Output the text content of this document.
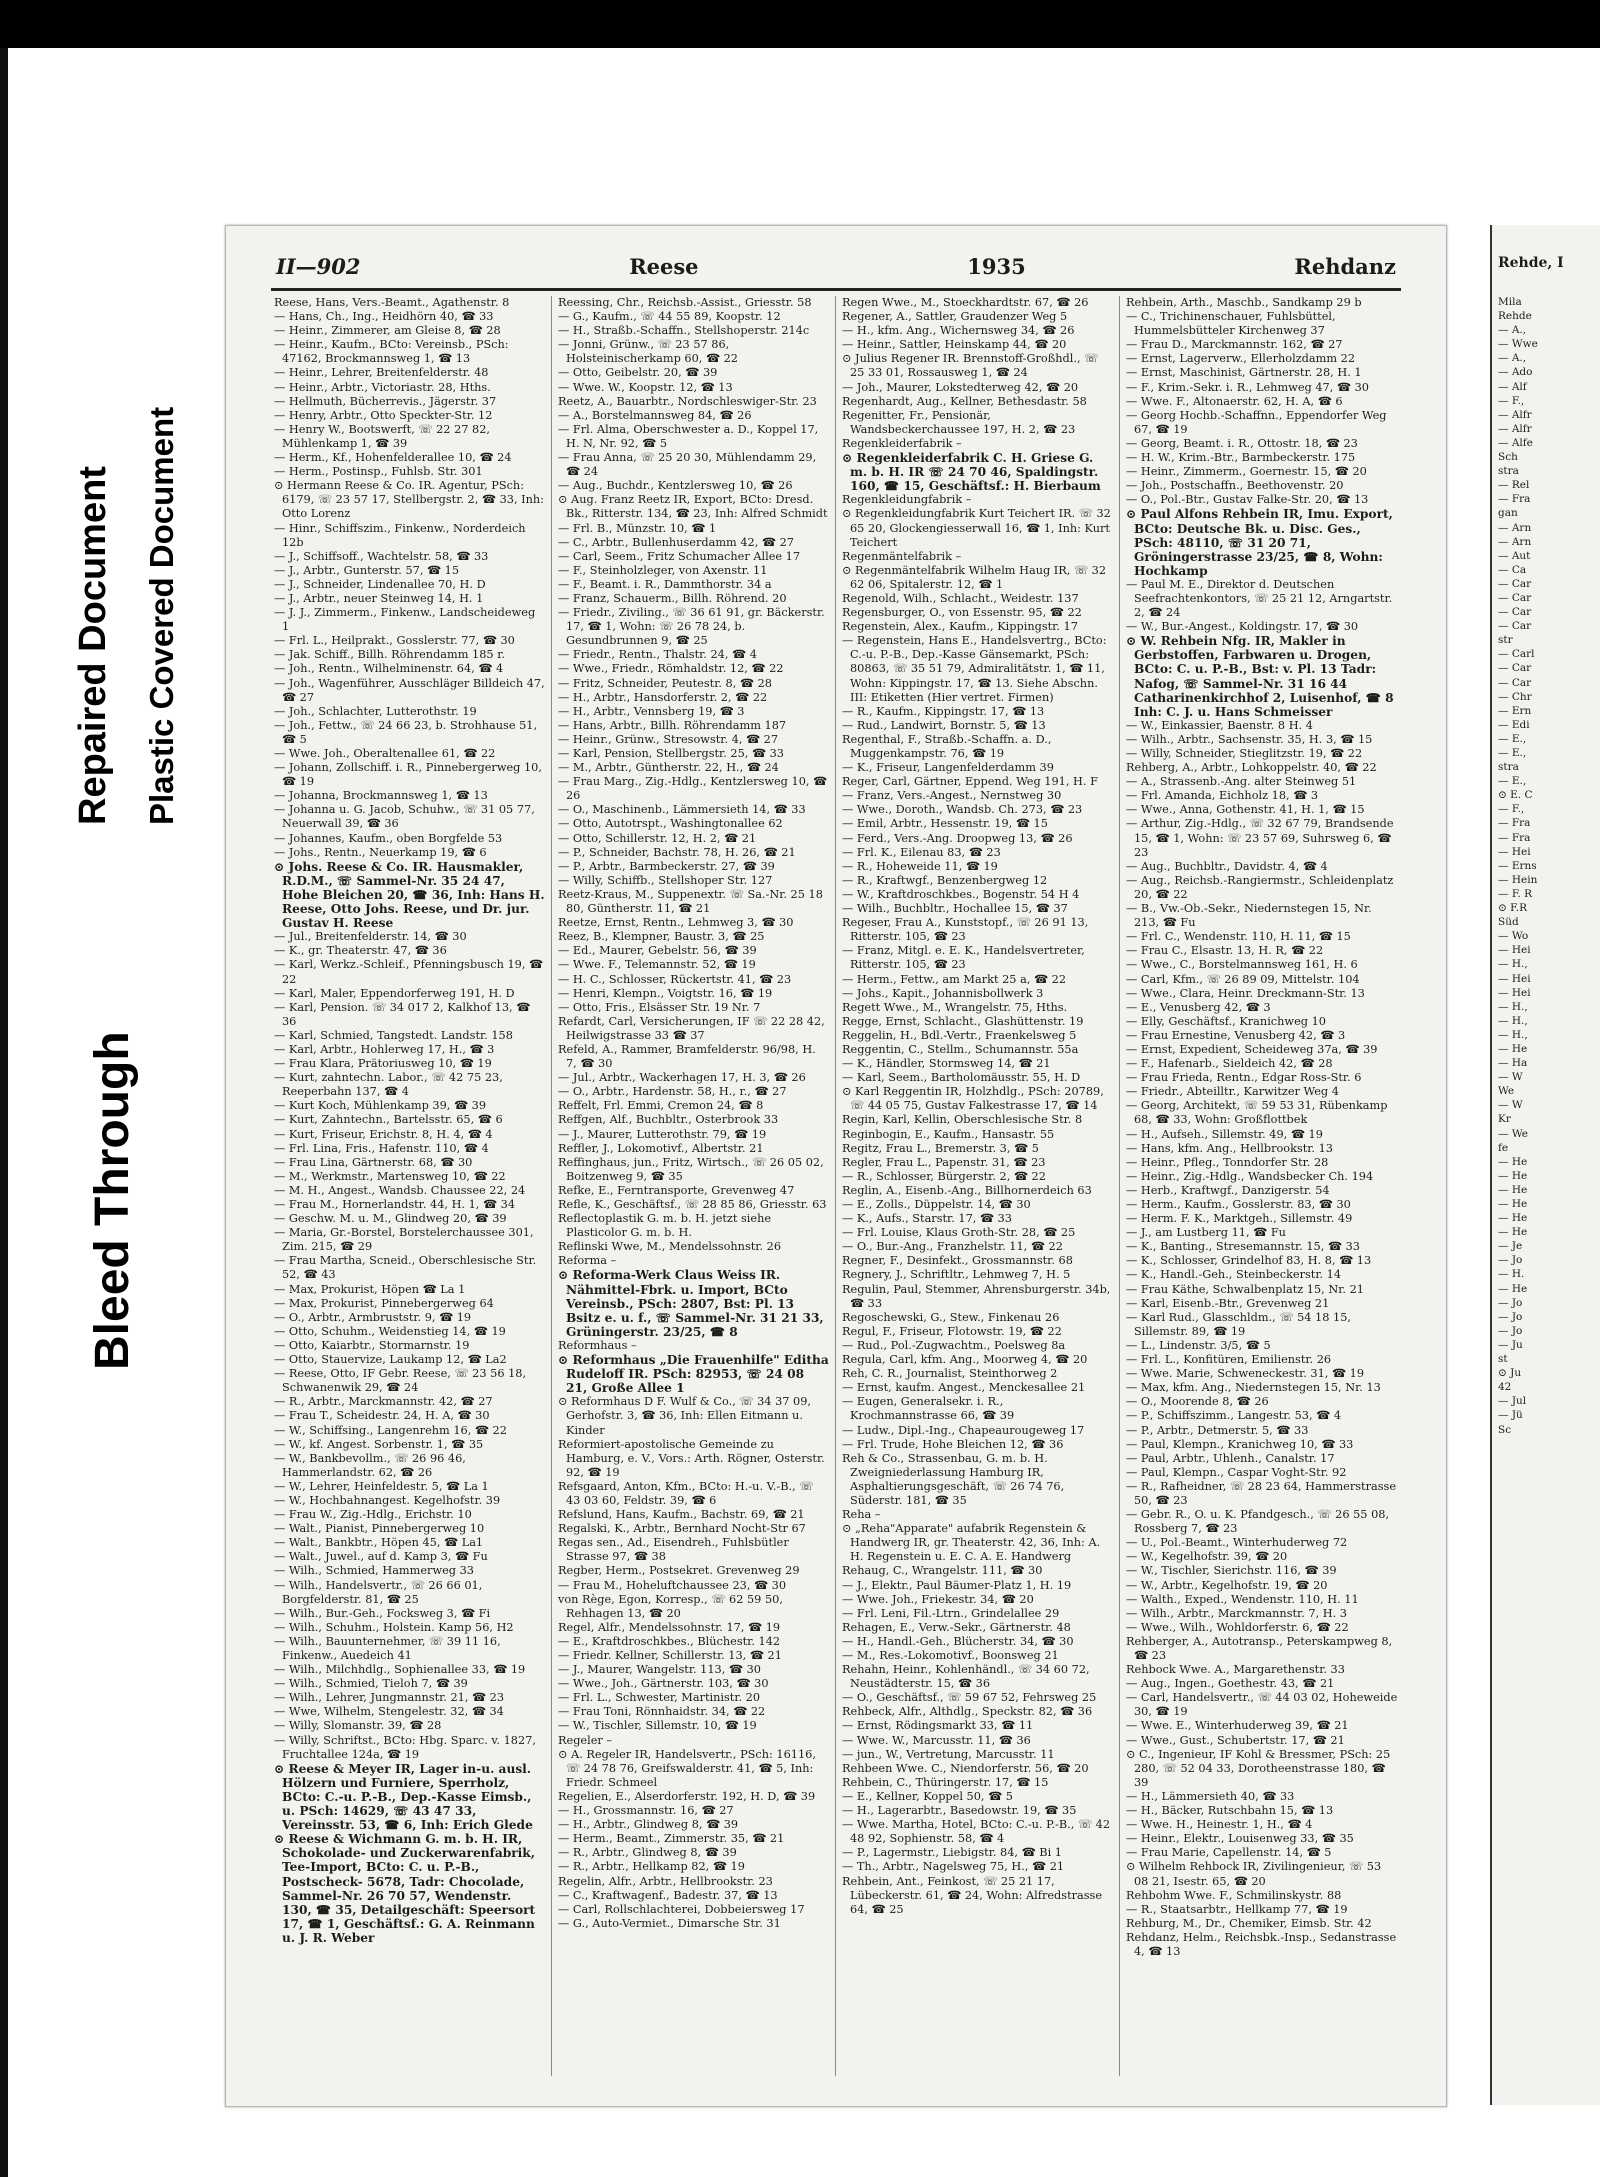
Bleed Through
Repaired Document Plastic Covered Document
II—902	Reese	1935	Rehdanz

Reese, Hans, Vers.-Beamt., Agathenstr. 8

— Hans, Ch., Ing., Heidhörn 40, ☎ 33

— Heinr., Zimmerer, am Gleise 8, ☎ 28

— Heinr., Kaufm., BCto: Vereinsb., PSch: 47162, Brockmannsweg 1, ☎ 13

— Heinr., Lehrer, Breitenfelderstr. 48

— Heinr., Arbtr., Victoriastr. 28, Hths.

— Hellmuth, Bücherrevis., Jägerstr. 37

— Henry, Arbtr., Otto Speckter-Str. 12

— Henry W., Bootswerft, ☏ 22 27 82, Mühlenkamp 1, ☎ 39

— Herm., Kf., Hohenfelderallee 10, ☎ 24

— Herm., Postinsp., Fuhlsb. Str. 301

⊙ Hermann Reese & Co. IR. Agentur, PSch: 6179, ☏ 23 57 17, Stellbergstr. 2, ☎ 33, Inh: Otto Lorenz

— Hinr., Schiffszim., Finkenw., Norderdeich 12b

— J., Schiffsoff., Wachtelstr. 58, ☎ 33

— J., Arbtr., Gunterstr. 57, ☎ 15

— J., Schneider, Lindenallee 70, H. D

— J., Arbtr., neuer Steinweg 14, H. 1

— J. J., Zimmerm., Finkenw., Landscheideweg 1

— Frl. L., Heilprakt., Gosslerstr. 77, ☎ 30

— Jak. Schiff., Billh. Röhrendamm 185 r.

— Joh., Rentn., Wilhelminenstr. 64, ☎ 4

— Joh., Wagenführer, Ausschläger Billdeich 47, ☎ 27

— Joh., Schlachter, Lutterothstr. 19

— Joh., Fettw., ☏ 24 66 23, b. Strohhause 51, ☎ 5

— Wwe. Joh., Oberaltenallee 61, ☎ 22

— Johann, Zollschiff. i. R., Pinnebergerweg 10, ☎ 19

— Johanna, Brockmannsweg 1, ☎ 13

— Johanna u. G. Jacob, Schuhw., ☏ 31 05 77, Neuerwall 39, ☎ 36

— Johannes, Kaufm., oben Borgfelde 53

— Johs., Rentn., Neuerkamp 19, ☎ 6

⊙ Johs. Reese & Co. IR. Hausmakler, R.D.M., ☏ Sammel-Nr. 35 24 47, Hohe Bleichen 20, ☎ 36, Inh: Hans H. Reese, Otto Johs. Reese, und Dr. jur. Gustav H. Reese

— Jul., Breitenfelderstr. 14, ☎ 30

— K., gr. Theaterstr. 47, ☎ 36

— Karl, Werkz.-Schleif., Pfenningsbusch 19, ☎ 22

— Karl, Maler, Eppendorferweg 191, H. D

— Karl, Pension. ☏ 34 017 2, Kalkhof 13, ☎ 36

— Karl, Schmied, Tangstedt. Landstr. 158

— Karl, Arbtr., Hohlerweg 17, H., ☎ 3

— Frau Klara, Prätoriusweg 10, ☎ 19

— Kurt, zahntechn. Labor., ☏ 42 75 23, Reeperbahn 137, ☎ 4

— Kurt Koch, Mühlenkamp 39, ☎ 39

— Kurt, Zahntechn., Bartelsstr. 65, ☎ 6

— Kurt, Friseur, Erichstr. 8, H. 4, ☎ 4

— Frl. Lina, Fris., Hafenstr. 110, ☎ 4

— Frau Lina, Gärtnerstr. 68, ☎ 30

— M., Werkmstr., Martensweg 10, ☎ 22

— M. H., Angest., Wandsb. Chaussee 22, 24

— Frau M., Hornerlandstr. 44, H. 1, ☎ 34

— Geschw. M. u. M., Glindweg 20, ☎ 39

— Maria, Gr.-Borstel, Borstelerchaussee 301, Zim. 215, ☎ 29

— Frau Martha, Scneid., Oberschlesische Str. 52, ☎ 43

— Max, Prokurist, Höpen ☎ La 1

— Max, Prokurist, Pinnebergerweg 64

— O., Arbtr., Armbruststr. 9, ☎ 19

— Otto, Schuhm., Weidenstieg 14, ☎ 19

— Otto, Kaiarbtr., Stormarnstr. 19

— Otto, Stauervize, Laukamp 12, ☎ La2

— Reese, Otto, IF Gebr. Reese, ☏ 23 56 18, Schwanenwik 29, ☎ 24

— R., Arbtr., Marckmannstr. 42, ☎ 27

— Frau T., Scheidestr. 24, H. A, ☎ 30

— W., Schiffsing., Langenrehm 16, ☎ 22

— W., kf. Angest. Sorbenstr. 1, ☎ 35

— W., Bankbevollm., ☏ 26 96 46, Hammerlandstr. 62, ☎ 26

— W., Lehrer, Heinfeldestr. 5, ☎ La 1

— W., Hochbahnangest. Kegelhofstr. 39

— Frau W., Zig.-Hdlg., Erichstr. 10

— Walt., Pianist, Pinnebergerweg 10

— Walt., Bankbtr., Höpen 45, ☎ La1

— Walt., Juwel., auf d. Kamp 3, ☎ Fu

— Wilh., Schmied, Hammerweg 33

— Wilh., Handelsvertr., ☏ 26 66 01, Borgfelderstr. 81, ☎ 25

— Wilh., Bur.-Geh., Focksweg 3, ☎ Fi

— Wilh., Schuhm., Holstein. Kamp 56, H2

— Wilh., Bauunternehmer, ☏ 39 11 16, Finkenw., Auedeich 41

— Wilh., Milchhdlg., Sophienallee 33, ☎ 19

— Wilh., Schmied, Tieloh 7, ☎ 39

— Wilh., Lehrer, Jungmannstr. 21, ☎ 23

— Wwe, Wilhelm, Stengelestr. 32, ☎ 34

— Willy, Slomanstr. 39, ☎ 28

— Willy, Schriftst., BCto: Hbg. Sparc. v. 1827, Fruchtallee 124a, ☎ 19

⊙ Reese & Meyer IR, Lager in-u. ausl. Hölzern und Furniere, Sperrholz, BCto: C.-u. P.-B., Dep.-Kasse Eimsb., u. PSch: 14629, ☏ 43 47 33, Vereinsstr. 53, ☎ 6, Inh: Erich Glede

⊙ Reese & Wichmann G. m. b. H. IR, Schokolade- und Zuckerwarenfabrik, Tee-Import, BCto: C. u. P.-B., Postscheck- 5678, Tadr: Chocolade, Sammel-Nr. 26 70 57, Wendenstr. 130, ☎ 35, Detailgeschäft: Speersort 17, ☎ 1, Geschäftsf.: G. A. Reinmann u. J. R. Weber

Reessing, Chr., Reichsb.-Assist., Griesstr. 58

— G., Kaufm., ☏ 44 55 89, Koopstr. 12

— H., Straßb.-Schaffn., Stellshoperstr. 214c

— Jonni, Grünw., ☏ 23 57 86, Holsteinischerkamp 60, ☎ 22

— Otto, Geibelstr. 20, ☎ 39

— Wwe. W., Koopstr. 12, ☎ 13

Reetz, A., Bauarbtr., Nordschleswiger-Str. 23

— A., Borstelmannsweg 84, ☎ 26

— Frl. Alma, Oberschwester a. D., Koppel 17, H. N, Nr. 92, ☎ 5

— Frau Anna, ☏ 25 20 30, Mühlendamm 29, ☎ 24

— Aug., Buchdr., Kentzlersweg 10, ☎ 26

⊙ Aug. Franz Reetz IR, Export, BCto: Dresd. Bk., Ritterstr. 134, ☎ 23, Inh: Alfred Schmidt

— Frl. B., Münzstr. 10, ☎ 1

— C., Arbtr., Bullenhuserdamm 42, ☎ 27

— Carl, Seem., Fritz Schumacher Allee 17

— F., Steinholzleger, von Axenstr. 11

— F., Beamt. i. R., Dammthorstr. 34 a

— Franz, Schauerm., Billh. Röhrend. 20

— Friedr., Ziviling., ☏ 36 61 91, gr. Bäckerstr. 17, ☎ 1, Wohn: ☏ 26 78 24, b. Gesundbrunnen 9, ☎ 25

— Friedr., Rentn., Thalstr. 24, ☎ 4

— Wwe., Friedr., Römhaldstr. 12, ☎ 22

— Fritz, Schneider, Peutestr. 8, ☎ 28

— H., Arbtr., Hansdorferstr. 2, ☎ 22

— H., Arbtr., Vennsberg 19, ☎ 3

— Hans, Arbtr., Billh. Röhrendamm 187

— Heinr., Grünw., Stresowstr. 4, ☎ 27

— Karl, Pension, Stellbergstr. 25, ☎ 33

— M., Arbtr., Güntherstr. 22, H., ☎ 24

— Frau Marg., Zig.-Hdlg., Kentzlersweg 10, ☎ 26

— O., Maschinenb., Lämmersieth 14, ☎ 33

— Otto, Autotrspt., Washingtonallee 62

— Otto, Schillerstr. 12, H. 2, ☎ 21

— P., Schneider, Bachstr. 78, H. 26, ☎ 21

— P., Arbtr., Barmbeckerstr. 27, ☎ 39

— Willy, Schiffb., Stellshoper Str. 127

Reetz-Kraus, M., Suppenextr. ☏ Sa.-Nr. 25 18 80, Güntherstr. 11, ☎ 21

Reetze, Ernst, Rentn., Lehmweg 3, ☎ 30

Reez, B., Klempner, Baustr. 3, ☎ 25

— Ed., Maurer, Gebelstr. 56, ☎ 39

— Wwe. F., Telemannstr. 52, ☎ 19

— H. C., Schlosser, Rückertstr. 41, ☎ 23

— Henri, Klempn., Voigtstr. 16, ☎ 19

— Otto, Fris., Elsässer Str. 19 Nr. 7

Refardt, Carl, Versicherungen, IF ☏ 22 28 42, Heilwigstrasse 33 ☎ 37

Refeld, A., Rammer, Bramfelderstr. 96/98, H. 7, ☎ 30

— Jul., Arbtr., Wackerhagen 17, H. 3, ☎ 26

— O., Arbtr., Hardenstr. 58, H., r., ☎ 27

Reffelt, Frl. Emmi, Cremon 24, ☎ 8

Reffgen, Alf., Buchbltr., Osterbrook 33

— J., Maurer, Lutterothstr. 79, ☎ 19

Reffler, J., Lokomotivf., Albertstr. 21

Reffinghaus, jun., Fritz, Wirtsch., ☏ 26 05 02, Boitzenweg 9, ☎ 35

Refke, E., Ferntransporte, Grevenweg 47

Refle, K., Geschäftsf., ☏ 28 85 86, Griesstr. 63

Reflectoplastik G. m. b. H. jetzt siehe Plasticolor G. m. b. H.

Reflinski Wwe, M., Mendelssohnstr. 26

Reforma –

⊙ Reforma-Werk Claus Weiss IR. Nähmittel-Fbrk. u. Import, BCto Vereinsb., PSch: 2807, Bst: Pl. 13 Bsitz e. u. f., ☏ Sammel-Nr. 31 21 33, Grüningerstr. 23/25, ☎ 8

Reformhaus –

⊙ Reformhaus „Die Frauenhilfe" Editha Rudeloff IR. PSch: 82953, ☏ 24 08 21, Große Allee 1

⊙ Reformhaus D F. Wulf & Co., ☏ 34 37 09, Gerhofstr. 3, ☎ 36, Inh: Ellen Eitmann u. Kinder

Reformiert-apostolische Gemeinde zu Hamburg, e. V., Vors.: Arth. Rögner, Osterstr. 92, ☎ 19

Refsgaard, Anton, Kfm., BCto: H.-u. V.-B., ☏ 43 03 60, Feldstr. 39, ☎ 6

Refslund, Hans, Kaufm., Bachstr. 69, ☎ 21

Regalski, K., Arbtr., Bernhard Nocht-Str 67

Regas sen., Ad., Eisendreh., Fuhlsbütler Strasse 97, ☎ 38

Regber, Herm., Postsekret. Grevenweg 29

— Frau M., Hoheluftchaussee 23, ☎ 30

von Rège, Egon, Korresp., ☏ 62 59 50, Rehhagen 13, ☎ 20

Regel, Alfr., Mendelssohnstr. 17, ☎ 19

— E., Kraftdroschkbes., Blüchestr. 142

— Friedr. Kellner, Schillerstr. 13, ☎ 21

— J., Maurer, Wangelstr. 113, ☎ 30

— Wwe., Joh., Gärtnerstr. 103, ☎ 30

— Frl. L., Schwester, Martinistr. 20

— Frau Toni, Rönnhaidstr. 34, ☎ 22

— W., Tischler, Sillemstr. 10, ☎ 19

Regeler –

⊙ A. Regeler IR, Handelsvertr., PSch: 16116, ☏ 24 78 76, Greifswalderstr. 41, ☎ 5, Inh: Friedr. Schmeel

Regelien, E., Alserdorferstr. 192, H. D, ☎ 39

— H., Grossmannstr. 16, ☎ 27

— H., Arbtr., Glindweg 8, ☎ 39

— Herm., Beamt., Zimmerstr. 35, ☎ 21

— R., Arbtr., Glindweg 8, ☎ 39

— R., Arbtr., Hellkamp 82, ☎ 19

Regelin, Alfr., Arbtr., Hellbrookstr. 23

— C., Kraftwagenf., Badestr. 37, ☎ 13

— Carl, Rollschlachterei, Dobbeiersweg 17

— G., Auto-Vermiet., Dimarsche Str. 31

Regen Wwe., M., Stoeckhardtstr. 67, ☎ 26

Regener, A., Sattler, Graudenzer Weg 5

— H., kfm. Ang., Wichernsweg 34, ☎ 26

— Heinr., Sattler, Heinskamp 44, ☎ 20

⊙ Julius Regener IR. Brennstoff-Großhdl., ☏ 25 33 01, Rossausweg 1, ☎ 24

— Joh., Maurer, Lokstedterweg 42, ☎ 20

Regenhardt, Aug., Kellner, Bethesdastr. 58

Regenitter, Fr., Pensionär, Wandsbeckerchaussee 197, H. 2, ☎ 23

Regenkleiderfabrik –

⊙ Regenkleiderfabrik C. H. Griese G. m. b. H. IR ☏ 24 70 46, Spaldingstr. 160, ☎ 15, Geschäftsf.: H. Bierbaum

Regenkleidungfabrik –

⊙ Regenkleidungfabrik Kurt Teichert IR. ☏ 32 65 20, Glockengiesserwall 16, ☎ 1, Inh: Kurt Teichert

Regenmäntelfabrik –

⊙ Regenmäntelfabrik Wilhelm Haug IR, ☏ 32 62 06, Spitalerstr. 12, ☎ 1

Regenold, Wilh., Schlacht., Weidestr. 137

Regensburger, O., von Essenstr. 95, ☎ 22

Regenstein, Alex., Kaufm., Kippingstr. 17

— Regenstein, Hans E., Handelsvertrg., BCto: C.-u. P.-B., Dep.-Kasse Gänsemarkt, PSch: 80863, ☏ 35 51 79, Admiralitätstr. 1, ☎ 11, Wohn: Kippingstr. 17, ☎ 13. Siehe Abschn. III: Etiketten (Hier vertret. Firmen)

— R., Kaufm., Kippingstr. 17, ☎ 13

— Rud., Landwirt, Bornstr. 5, ☎ 13

Regenthal, F., Straßb.-Schaffn. a. D., Muggenkampstr. 76, ☎ 19

— K., Friseur, Langenfelderdamm 39

Reger, Carl, Gärtner, Eppend. Weg 191, H. F

— Franz, Vers.-Angest., Nernstweg 30

— Wwe., Doroth., Wandsb. Ch. 273, ☎ 23

— Emil, Arbtr., Hessenstr. 19, ☎ 15

— Ferd., Vers.-Ang. Droopweg 13, ☎ 26

— Frl. K., Eilenau 83, ☎ 23

— R., Hoheweide 11, ☎ 19

— R., Kraftwgf., Benzenbergweg 12

— W., Kraftdroschkbes., Bogenstr. 54 H 4

— Wilh., Buchbltr., Hochallee 15, ☎ 37

Regeser, Frau A., Kunststopf., ☏ 26 91 13, Ritterstr. 105, ☎ 23

— Franz, Mitgl. e. E. K., Handelsvertreter, Ritterstr. 105, ☎ 23

— Herm., Fettw., am Markt 25 a, ☎ 22

— Johs., Kapit., Johannisbollwerk 3

Regett Wwe., M., Wrangelstr. 75, Hths.

Regge, Ernst, Schlacht., Glashüttenstr. 19

Reggelin, H., Bdl.-Vertr., Fraenkelsweg 5

Reggentin, C., Stellm., Schumannstr. 55a

— K., Händler, Stormsweg 14, ☎ 21

— Karl, Seem., Bartholomäusstr. 55, H. D

⊙ Karl Reggentin IR, Holzhdlg., PSch: 20789, ☏ 44 05 75, Gustav Falkestrasse 17, ☎ 14

Regin, Karl, Kellin, Oberschlesische Str. 8

Reginbogin, E., Kaufm., Hansastr. 55

Regitz, Frau L., Bremerstr. 3, ☎ 5

Regler, Frau L., Papenstr. 31, ☎ 23

— R., Schlosser, Bürgerstr. 2, ☎ 22

Reglin, A., Eisenb.-Ang., Billhornerdeich 63

— E., Zolls., Düppelstr. 14, ☎ 30

— K., Aufs., Starstr. 17, ☎ 33

— Frl. Louise, Klaus Groth-Str. 28, ☎ 25

— O., Bur.-Ang., Franzhelstr. 11, ☎ 22

Regner, F., Desinfekt., Grossmannstr. 68

Regnery, J., Schriftltr., Lehmweg 7, H. 5

Regulin, Paul, Stemmer, Ahrensburgerstr. 34b, ☎ 33

Regoschewski, G., Stew., Finkenau 26

Regul, F., Friseur, Flotowstr. 19, ☎ 22

— Rud., Pol.-Zugwachtm., Poelsweg 8a

Regula, Carl, kfm. Ang., Moorweg 4, ☎ 20

Reh, C. R., Journalist, Steinthorweg 2

— Ernst, kaufm. Angest., Menckesallee 21

— Eugen, Generalsekr. i. R., Krochmannstrasse 66, ☎ 39

— Ludw., Dipl.-Ing., Chapeaurougeweg 17

— Frl. Trude, Hohe Bleichen 12, ☎ 36

Reh & Co., Strassenbau, G. m. b. H. Zweigniederlassung Hamburg IR, Asphaltierungsgeschäft, ☏ 26 74 76, Süderstr. 181, ☎ 35

Reha –

⊙ „Reha"Apparate" aufabrik Regenstein & Handwerg IR, gr. Theaterstr. 42, 36, Inh: A. H. Regenstein u. E. C. A. E. Handwerg

Rehaug, C., Wrangelstr. 111, ☎ 30

— J., Elektr., Paul Bäumer-Platz 1, H. 19

— Wwe. Joh., Friekestr. 34, ☎ 20

— Frl. Leni, Fil.-Ltrn., Grindelallee 29

Rehagen, E., Verw.-Sekr., Gärtnerstr. 48

— H., Handl.-Geh., Blücherstr. 34, ☎ 30

— M., Res.-Lokomotivf., Boonsweg 21

Rehahn, Heinr., Kohlenhändl., ☏ 34 60 72, Neustädterstr. 15, ☎ 36

— O., Geschäftsf., ☏ 59 67 52, Fehrsweg 25

Rehbeck, Alfr., Althdlg., Speckstr. 82, ☎ 36

— Ernst, Rödingsmarkt 33, ☎ 11

— Wwe. W., Marcusstr. 11, ☎ 36

— jun., W., Vertretung, Marcusstr. 11

Rehbeen Wwe. C., Niendorferstr. 56, ☎ 20

Rehbein, C., Thüringerstr. 17, ☎ 15

— E., Kellner, Koppel 50, ☎ 5

— H., Lagerarbtr., Basedowstr. 19, ☎ 35

— Wwe. Martha, Hotel, BCto: C.-u. P.-B., ☏ 42 48 92, Sophienstr. 58, ☎ 4

— P., Lagermstr., Liebigstr. 84, ☎ Bi 1

— Th., Arbtr., Nagelsweg 75, H., ☎ 21

Rehbein, Ant., Feinkost, ☏ 25 21 17, Lübeckerstr. 61, ☎ 24, Wohn: Alfredstrasse 64, ☎ 25

Rehbein, Arth., Maschb., Sandkamp 29 b

— C., Trichinenschauer, Fuhlsbüttel, Hummelsbütteler Kirchenweg 37

— Frau D., Marckmannstr. 162, ☎ 27

— Ernst, Lagerverw., Ellerholzdamm 22

— Ernst, Maschinist, Gärtnerstr. 28, H. 1

— F., Krim.-Sekr. i. R., Lehmweg 47, ☎ 30

— Wwe. F., Altonaerstr. 62, H. A, ☎ 6

— Georg Hochb.-Schaffnn., Eppendorfer Weg 67, ☎ 19

— Georg, Beamt. i. R., Ottostr. 18, ☎ 23

— H. W., Krim.-Btr., Barmbeckerstr. 175

— Heinr., Zimmerm., Goernestr. 15, ☎ 20

— Joh., Postschaffn., Beethovenstr. 20

— O., Pol.-Btr., Gustav Falke-Str. 20, ☎ 13

⊙ Paul Alfons Rehbein IR, Imu. Export, BCto: Deutsche Bk. u. Disc. Ges., PSch: 48110, ☏ 31 20 71, Gröningerstrasse 23/25, ☎ 8, Wohn: Hochkamp

— Paul M. E., Direktor d. Deutschen Seefrachtenkontors, ☏ 25 21 12, Arngartstr. 2, ☎ 24

— W., Bur.-Angest., Koldingstr. 17, ☎ 30

⊙ W. Rehbein Nfg. IR, Makler in Gerbstoffen, Farbwaren u. Drogen, BCto: C. u. P.-B., Bst: v. Pl. 13 Tadr: Nafog, ☏ Sammel-Nr. 31 16 44 Catharinenkirchhof 2, Luisenhof, ☎ 8 Inh: C. J. u. Hans Schmeisser

— W., Einkassier, Baenstr. 8 H. 4

— Wilh., Arbtr., Sachsenstr. 35, H. 3, ☎ 15

— Willy, Schneider, Stieglitzstr. 19, ☎ 22

Rehberg, A., Arbtr., Lohkoppelstr. 40, ☎ 22

— A., Strassenb.-Ang. alter Steinweg 51

— Frl. Amanda, Eichholz 18, ☎ 3

— Wwe., Anna, Gothenstr. 41, H. 1, ☎ 15

— Arthur, Zig.-Hdlg., ☏ 32 67 79, Brandsende 15, ☎ 1, Wohn: ☏ 23 57 69, Suhrsweg 6, ☎ 23

— Aug., Buchbltr., Davidstr. 4, ☎ 4

— Aug., Reichsb.-Rangiermstr., Schleidenplatz 20, ☎ 22

— B., Vw.-Ob.-Sekr., Niedernstegen 15, Nr. 213, ☎ Fu

— Frl. C., Wendenstr. 110, H. 11, ☎ 15

— Frau C., Elsastr. 13, H. R, ☎ 22

— Wwe., C., Borstelmannsweg 161, H. 6

— Carl, Kfm., ☏ 26 89 09, Mittelstr. 104

— Wwe., Clara, Heinr. Dreckmann-Str. 13

— E., Venusberg 42, ☎ 3

— Elly, Geschäftsf., Kranichweg 10

— Frau Ernestine, Venusberg 42, ☎ 3

— Ernst, Expedient, Scheideweg 37a, ☎ 39

— F., Hafenarb., Sieldeich 42, ☎ 28

— Frau Frieda, Rentn., Edgar Ross-Str. 6

— Friedr., Abteilltr., Karwitzer Weg 4

— Georg, Architekt, ☏ 59 53 31, Rübenkamp 68, ☎ 33, Wohn: Großflottbek

— H., Aufseh., Sillemstr. 49, ☎ 19

— Hans, kfm. Ang., Hellbrookstr. 13

— Heinr., Pfleg., Tonndorfer Str. 28

— Heinr., Zig.-Hdlg., Wandsbecker Ch. 194

— Herb., Kraftwgf., Danzigerstr. 54

— Herm., Kaufm., Gosslerstr. 83, ☎ 30

— Herm. F. K., Marktgeh., Sillemstr. 49

— J., am Lustberg 11, ☎ Fu

— K., Banting., Stresemannstr. 15, ☎ 33

— K., Schlosser, Grindelhof 83, H. 8, ☎ 13

— K., Handl.-Geh., Steinbeckerstr. 14

— Frau Käthe, Schwalbenplatz 15, Nr. 21

— Karl, Eisenb.-Btr., Grevenweg 21

— Karl Rud., Glasschldm., ☏ 54 18 15, Sillemstr. 89, ☎ 19

— L., Lindenstr. 3/5, ☎ 5

— Frl. L., Konfitüren, Emilienstr. 26

— Wwe. Marie, Schweneckestr. 31, ☎ 19

— Max, kfm. Ang., Niedernstegen 15, Nr. 13

— O., Moorende 8, ☎ 26

— P., Schiffszimm., Langestr. 53, ☎ 4

— P., Arbtr., Detmerstr. 5, ☎ 33

— Paul, Klempn., Kranichweg 10, ☎ 33

— Paul, Arbtr., Uhlenh., Canalstr. 17

— Paul, Klempn., Caspar Voght-Str. 92

— R., Rafheidner, ☏ 28 23 64, Hammerstrasse 50, ☎ 23

— Gebr. R., O. u. K. Pfandgesch., ☏ 26 55 08, Rossberg 7, ☎ 23

— U., Pol.-Beamt., Winterhuderweg 72

— W., Kegelhofstr. 39, ☎ 20

— W., Tischler, Sierichstr. 116, ☎ 39

— W., Arbtr., Kegelhofstr. 19, ☎ 20

— Walth., Exped., Wendenstr. 110, H. 11

— Wilh., Arbtr., Marckmannstr. 7, H. 3

— Wwe., Wilh., Wohldorferstr. 6, ☎ 22

Rehberger, A., Autotransp., Peterskampweg 8, ☎ 23

Rehbock Wwe. A., Margarethenstr. 33

— Aug., Ingen., Goethestr. 43, ☎ 21

— Carl, Handelsvertr., ☏ 44 03 02, Hoheweide 30, ☎ 19

— Wwe. E., Winterhuderweg 39, ☎ 21

— Wwe., Gust., Schubertstr. 17, ☎ 21

⊙ C., Ingenieur, IF Kohl & Bressmer, PSch: 25 280, ☏ 52 04 33, Dorotheenstrasse 180, ☎ 39

— H., Lämmersieth 40, ☎ 33

— H., Bäcker, Rutschbahn 15, ☎ 13

— Wwe. H., Heinestr. 1, H., ☎ 4

— Heinr., Elektr., Louisenweg 33, ☎ 35

— Frau Marie, Capellenstr. 14, ☎ 5

⊙ Wilhelm Rehbock IR, Zivilingenieur, ☏ 53 08 21, Isestr. 65, ☎ 20

Rehbohm Wwe. F., Schmilinskystr. 88

— R., Staatsarbtr., Hellkamp 77, ☎ 19

Rehburg, M., Dr., Chemiker, Eimsb. Str. 42

Rehdanz, Helm., Reichsbk.-Insp., Sedanstrasse 4, ☎ 13

Rehde, I

Mila

Rehde

— A.,

— Wwe

— A.,

— Ado

— Alf

— F.,

— Alfr

— Alfr

— Alfe

Sch

stra

— Rel

— Fra

gan

— Arn

— Arn

— Aut

— Ca

— Car

— Car

— Car

— Car

str

— Carl

— Car

— Car

— Chr

— Ern

— Edi

— E.,

— E.,

stra

— E.,

⊙ E. C

— F.,

— Fra

— Fra

— Hei

— Erns

— Hein

— F. R

⊙ F.R

Süd

— Wo

— Hei

— H.,

— Hei

— Hei

— H.,

— H.,

— H.,

— He

— Ha

— W

We

— W

Kr

— We

fe

— He

— He

— He

— He

— He

— He

— Je

— Jo

— H.

— He

— Jo

— Jo

— Jo

— Ju

st

⊙ Ju

42

— Jul

— Jü

Sc
